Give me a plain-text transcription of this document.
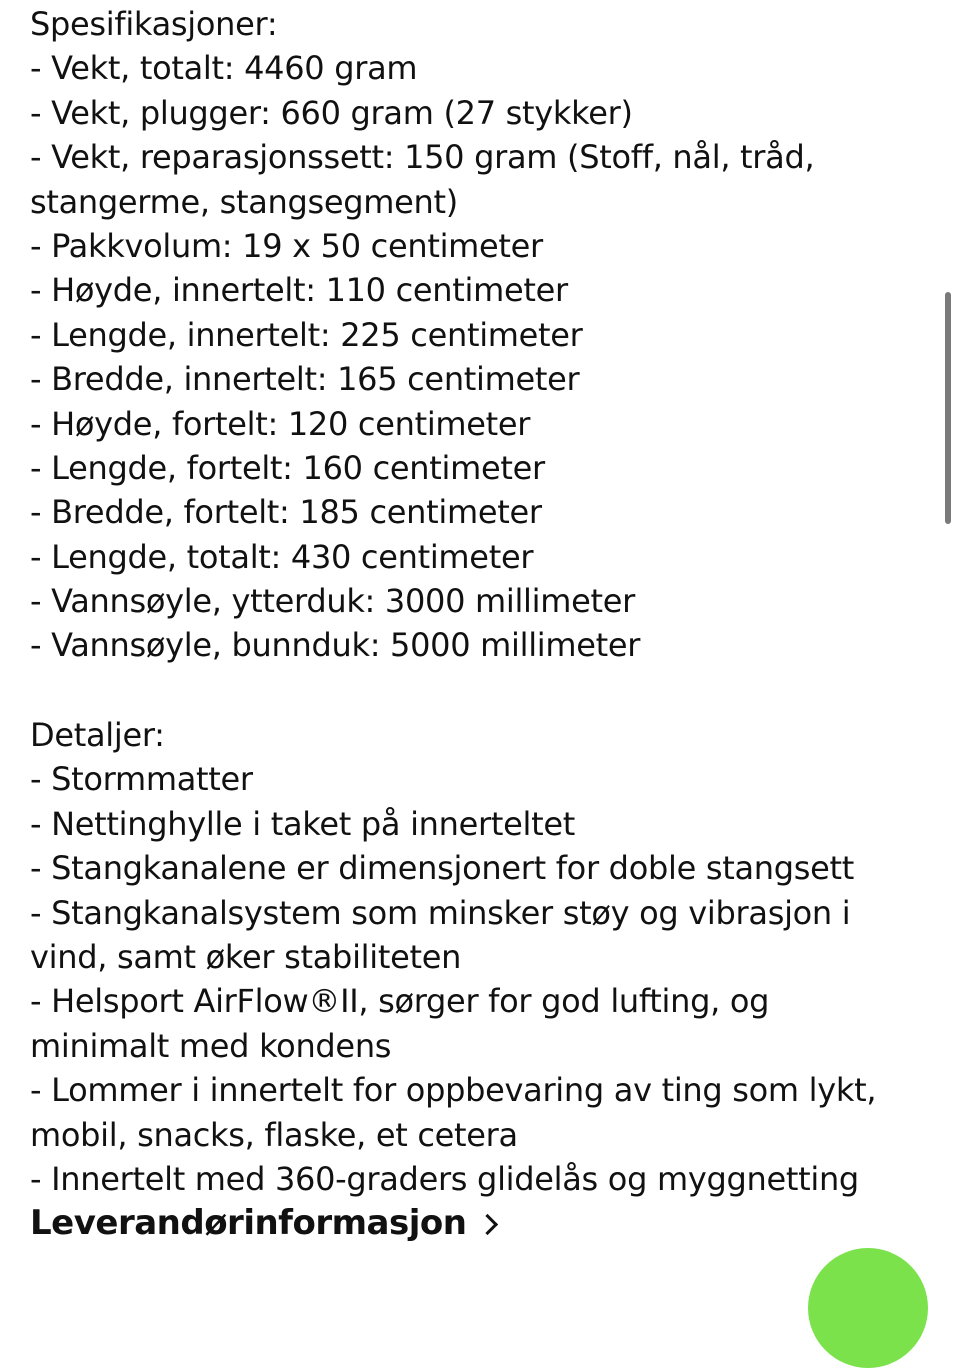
Spesifikasjoner:
- Vekt, totalt: 4460 gram
- Vekt, plugger: 660 gram (27 stykker)
- Vekt, reparasjonssett: 150 gram (Stoff, nål, tråd,
stangerme, stangsegment)
- Pakkvolum: 19 x 50 centimeter
- Høyde, innertelt: 110 centimeter
- Lengde, innertelt: 225 centimeter
- Bredde, innertelt: 165 centimeter
- Høyde, fortelt: 120 centimeter
- Lengde, fortelt: 160 centimeter
- Bredde, fortelt: 185 centimeter
- Lengde, totalt: 430 centimeter
- Vannsøyle, ytterduk: 3000 millimeter
- Vannsøyle, bunnduk: 5000 millimeter
Detaljer:
- Stormmatter
- Nettinghylle i taket på innerteltet
- Stangkanalene er dimensjonert for doble stangsett
- Stangkanalsystem som minsker støy og vibrasjon i
vind, samt øker stabiliteten
- Helsport AirFlow®II, sørger for god lufting, og
minimalt med kondens
- Lommer i innertelt for oppbevaring av ting som lykt,
mobil, snacks, flaske, et cetera
- Innertelt med 360-graders glidelås og myggnetting
Leverandørinformasjon
